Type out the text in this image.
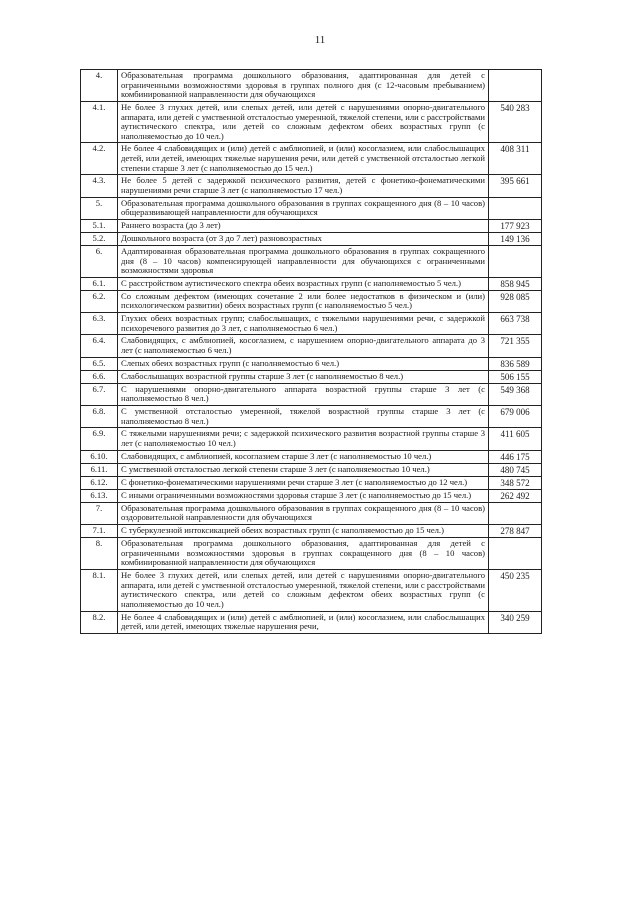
11
4.	Образовательная программа дошкольного образования, адаптированная для детей с ограниченными возможностями здоровья в группах полного дня (с 12-часовым пребыванием) комбинированной направленности для обучающихся	
4.1.	Не более 3 глухих детей, или слепых детей, или детей с нарушениями опорно-двигательного аппарата, или детей с умственной отсталостью умеренной, тяжелой степени, или с расстройствами аутистического спектра, или детей со сложным дефектом обеих возрастных групп (с наполняемостью до 10 чел.)	540 283
4.2.	Не более 4 слабовидящих и (или) детей с амблиопией, и (или) косоглазием, или слабослышащих детей, или детей, имеющих тяжелые нарушения речи, или детей с умственной отсталостью легкой степени старше 3 лет (с наполняемостью до 15 чел.)	408 311
4.3.	Не более 5 детей с задержкой психического развития, детей с фонетико-фонематическими нарушениями речи старше 3 лет (с наполняемостью 17 чел.)	395 661
5.	Образовательная программа дошкольного образования в группах сокращенного дня (8 – 10 часов) общеразвивающей направленности для обучающихся	
5.1.	Раннего возраста (до 3 лет)	177 923
5.2.	Дошкольного возраста (от 3 до 7 лет) разновозрастных	149 136
6.	Адаптированная образовательная программа дошкольного образования в группах сокращенного дня (8 – 10 часов) компенсирующей направленности для обучающихся с ограниченными возможностями здоровья	
6.1.	С расстройством аутистического спектра обеих возрастных групп (с наполняемостью 5 чел.)	858 945
6.2.	Со сложным дефектом (имеющих сочетание 2 или более недостатков в физическом и (или) психологическом развитии) обеих возрастных групп (с наполняемостью 5 чел.)	928 085
6.3.	Глухих обеих возрастных групп; слабослышащих, с тяжелыми нарушениями речи, с задержкой психоречевого развития до 3 лет, с наполняемостью 6 чел.)	663 738
6.4.	Слабовидящих, с амблиопией, косоглазием, с нарушением опорно-двигательного аппарата до 3 лет (с наполняемостью 6 чел.)	721 355
6.5.	Слепых обеих возрастных групп (с наполняемостью 6 чел.)	836 589
6.6.	Слабослышащих возрастной группы старше 3 лет (с наполняемостью 8 чел.)	506 155
6.7.	С нарушениями опорно-двигательного аппарата возрастной группы старше 3 лет (с наполняемостью 8 чел.)	549 368
6.8.	С умственной отсталостью умеренной, тяжелой возрастной группы старше 3 лет (с наполняемостью 8 чел.)	679 006
6.9.	С тяжелыми нарушениями речи; с задержкой психического развития возрастной группы старше 3 лет (с наполняемостью 10 чел.)	411 605
6.10.	Слабовидящих, с амблиопией, косоглазием старше 3 лет (с наполняемостью 10 чел.)	446 175
6.11.	С умственной отсталостью легкой степени старше 3 лет (с наполняемостью 10 чел.)	480 745
6.12.	С фонетико-фонематическими нарушениями речи старше 3 лет (с наполняемостью до 12 чел.)	348 572
6.13.	С иными ограниченными возможностями здоровья старше 3 лет (с наполняемостью до 15 чел.)	262 492
7.	Образовательная программа дошкольного образования в группах сокращенного дня (8 – 10 часов) оздоровительной направленности для обучающихся	
7.1.	С туберкулезной интоксикацией обеих возрастных групп (с наполняемостью до 15 чел.)	278 847
8.	Образовательная программа дошкольного образования, адаптированная для детей с ограниченными возможностями здоровья в группах сокращенного дня (8 – 10 часов) комбинированной направленности для обучающихся	
8.1.	Не более 3 глухих детей, или слепых детей, или детей с нарушениями опорно-двигательного аппарата, или детей с умственной отсталостью умеренной, тяжелой степени, или с расстройствами аутистического спектра, или детей со сложным дефектом обеих возрастных групп (с наполняемостью до 10 чел.)	450 235
8.2.	Не более 4 слабовидящих и (или) детей с амблиопией, и (или) косоглазием, или слабослышащих детей, или детей, имеющих тяжелые нарушения речи,	340 259
